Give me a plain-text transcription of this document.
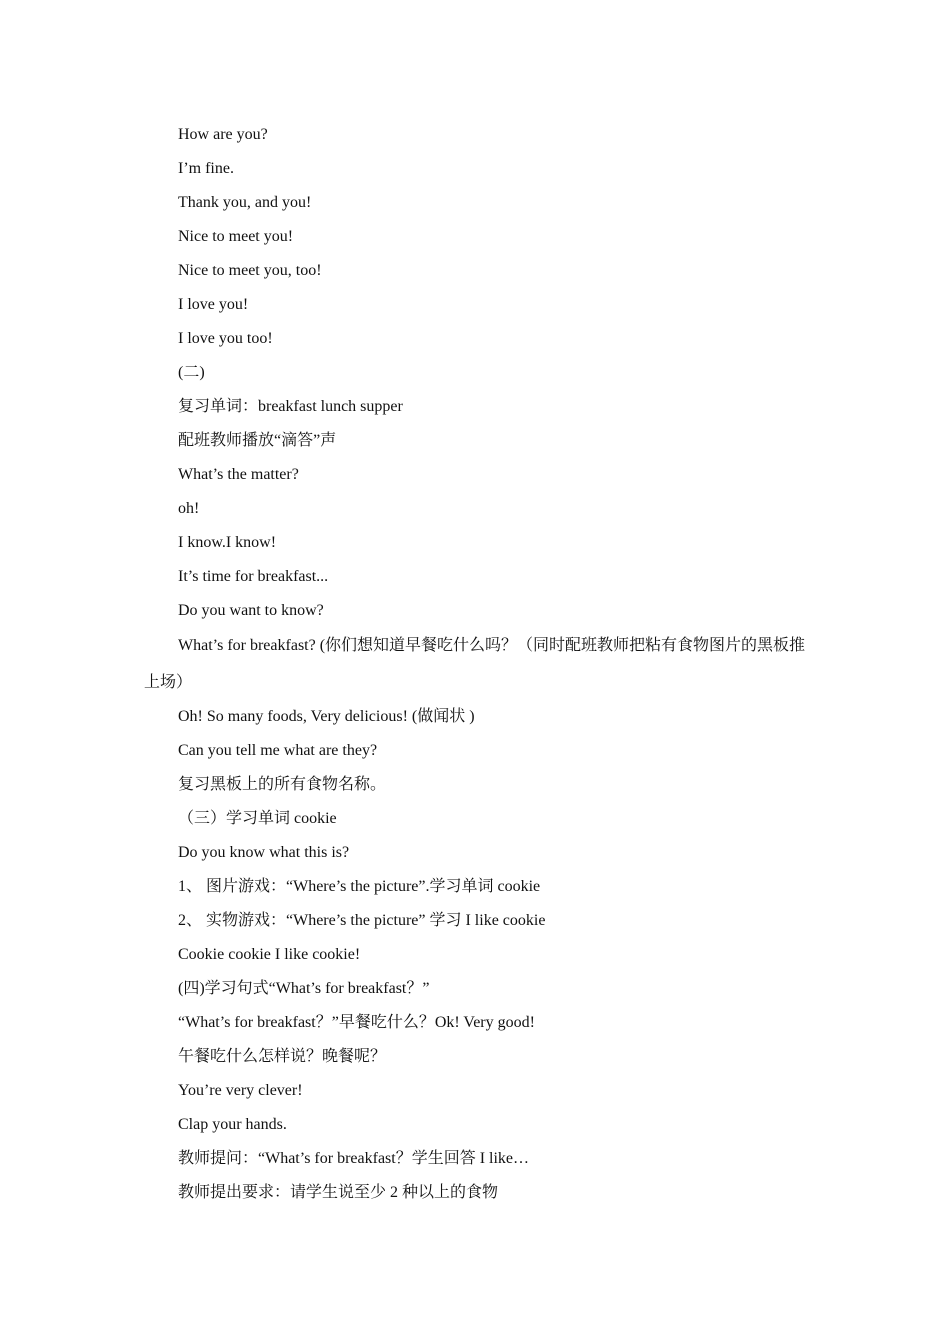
How are you?
I’m fine.
Thank you, and you!
Nice to meet you!
Nice to meet you, too!
I love you!
I love you too!
(二)
复习单词：breakfast lunch supper
配班教师播放“滴答”声
What’s the matter?
oh!
I know.I know!
It’s time for breakfast...
Do you want to know?
What’s for breakfast? (你们想知道早餐吃什么吗？（同时配班教师把粘有食物图片的黑板推上场）
Oh! So many foods, Very delicious! (做闻状 )
Can you tell me what are they?
复习黑板上的所有食物名称。
（三）学习单词 cookie
Do you know what this is?
1、 图片游戏：“Where’s the picture”.学习单词 cookie
2、 实物游戏：“Where’s the picture” 学习 I like cookie
Cookie cookie I like cookie!
(四)学习句式“What’s for breakfast？”
“What’s for breakfast？”早餐吃什么？Ok! Very good!
午餐吃什么怎样说？晚餐呢？
You’re very clever!
Clap your hands.
教师提问：“What’s for breakfast？学生回答 I like…
教师提出要求：请学生说至少 2 种以上的食物
